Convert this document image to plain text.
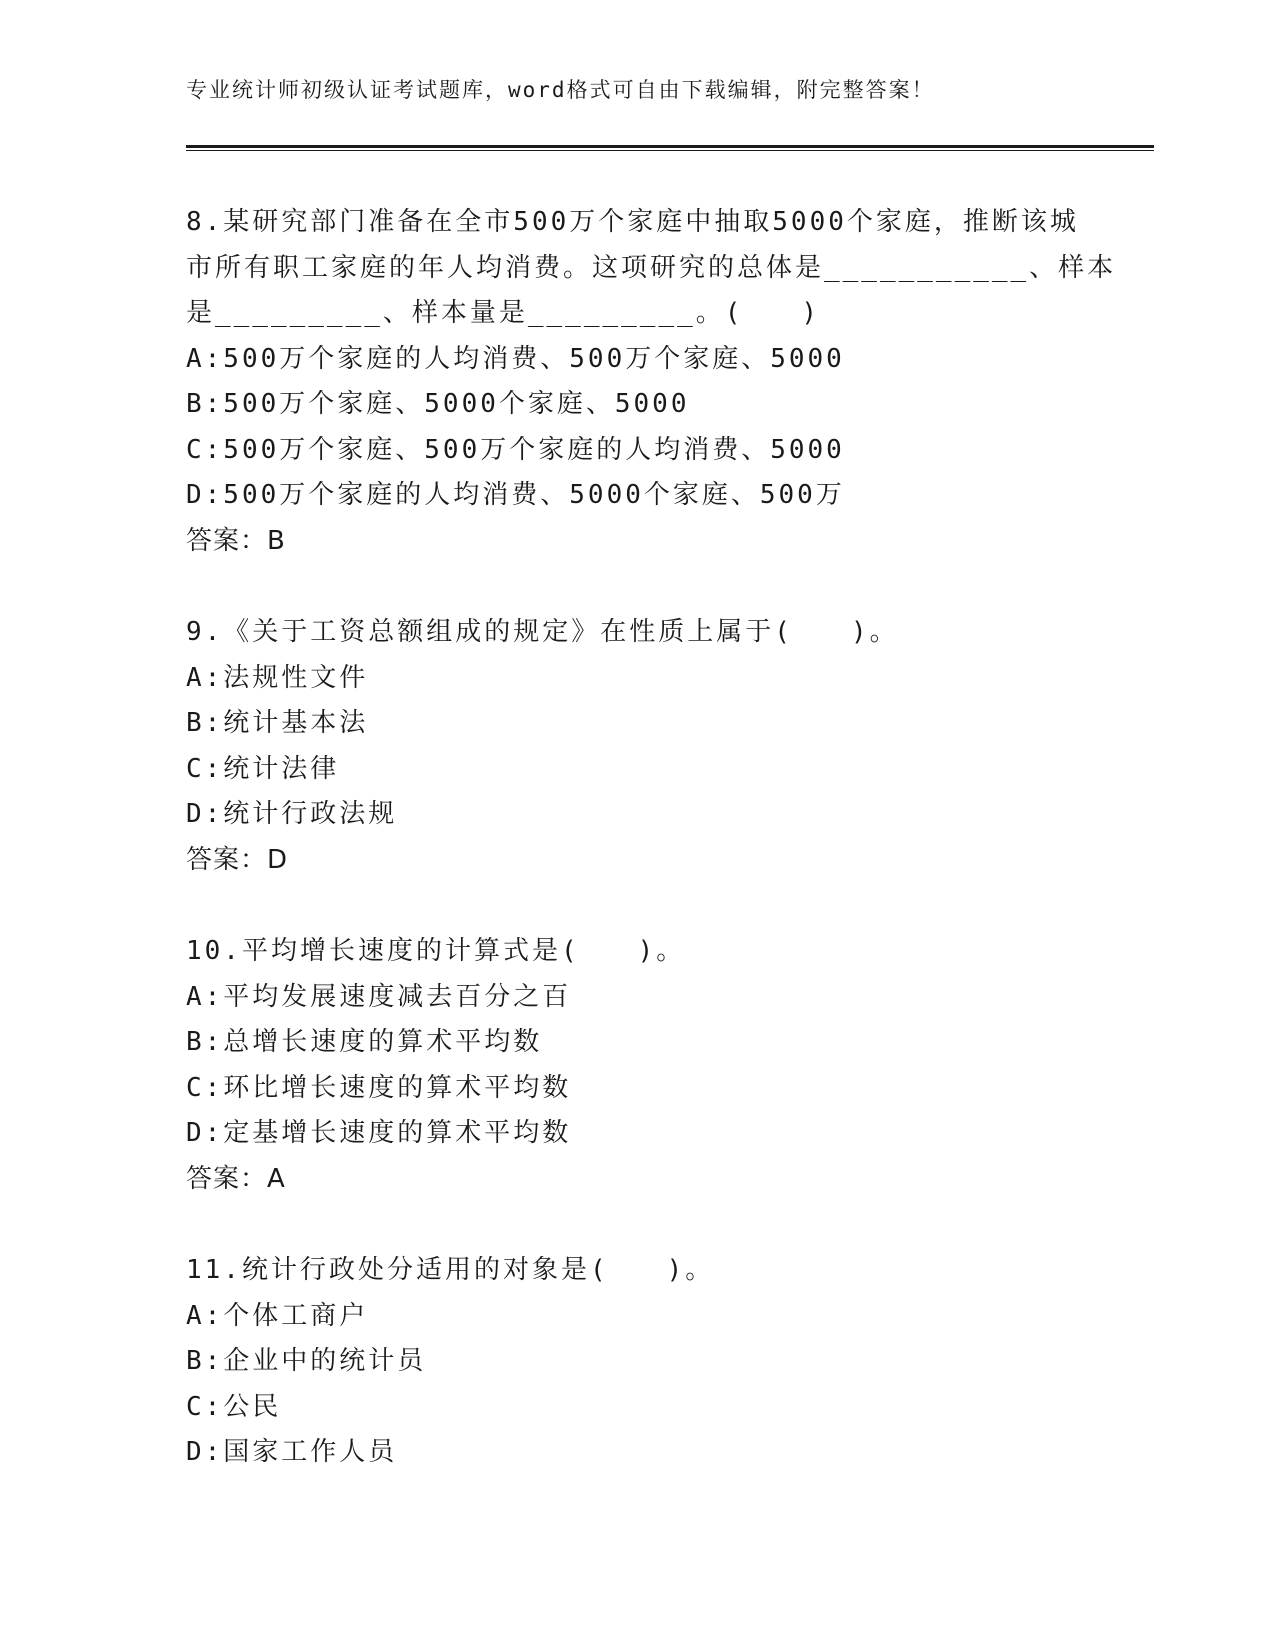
专业统计师初级认证考试题库，word格式可自由下载编辑，附完整答案！
8.某研究部门准备在全市500万个家庭中抽取5000个家庭，推断该城
市所有职工家庭的年人均消费。这项研究的总体是___________、样本
是_________、样本量是_________。(　　)
A:500万个家庭的人均消费、500万个家庭、5000
B:500万个家庭、5000个家庭、5000
C:500万个家庭、500万个家庭的人均消费、5000
D:500万个家庭的人均消费、5000个家庭、500万
答案：B
9.《关于工资总额组成的规定》在性质上属于(　　)。
A:法规性文件
B:统计基本法
C:统计法律
D:统计行政法规
答案：D
10.平均增长速度的计算式是(　　)。
A:平均发展速度减去百分之百
B:总增长速度的算术平均数
C:环比增长速度的算术平均数
D:定基增长速度的算术平均数
答案：A
11.统计行政处分适用的对象是(　　)。
A:个体工商户
B:企业中的统计员
C:公民
D:国家工作人员
